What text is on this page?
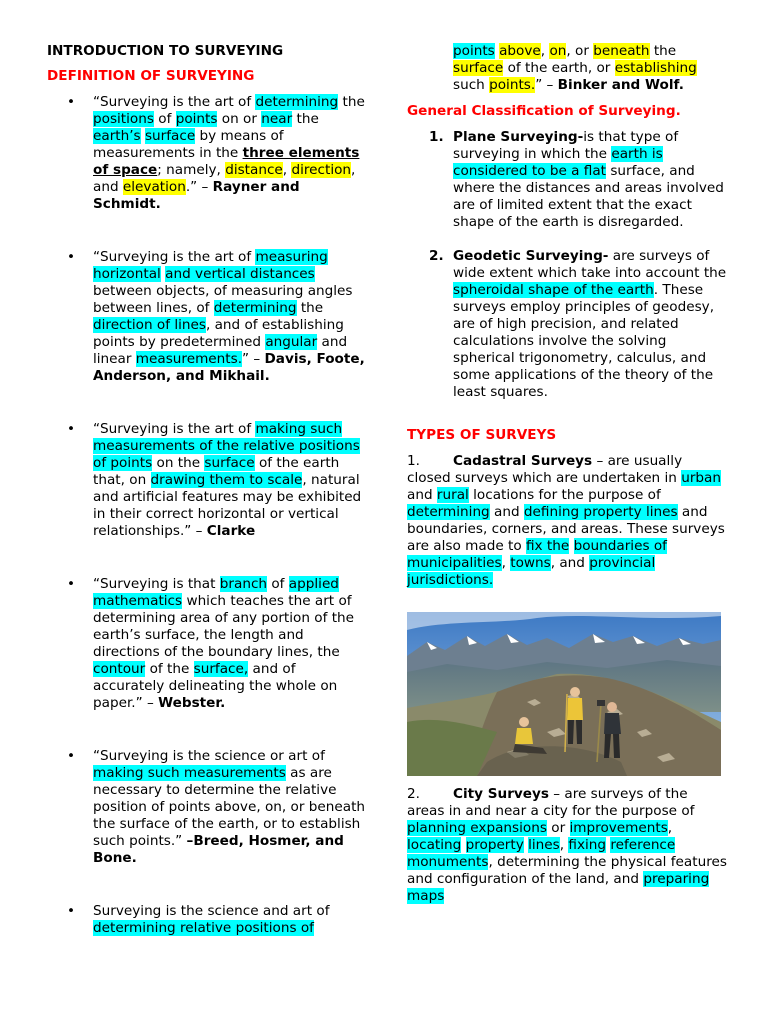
INTRODUCTION TO SURVEYING
DEFINITION OF SURVEYING
• “Surveying is the art of determining the positions of points on or near the earth’s surface by means of measurements in the three elements of space; namely, distance, direction, and elevation.” – Rayner and Schmidt.
• “Surveying is the art of measuring horizontal and vertical distances between objects, of measuring angles between lines, of determining the direction of lines, and of establishing points by predetermined angular and linear measurements.” – Davis, Foote, Anderson, and Mikhail.
• “Surveying is the art of making such measurements of the relative positions of points on the surface of the earth that, on drawing them to scale, natural and artificial features may be exhibited in their correct horizontal or vertical relationships.” – Clarke
• “Surveying is that branch of applied mathematics which teaches the art of determining area of any portion of the earth’s surface, the length and directions of the boundary lines, the contour of the surface, and of accurately delineating the whole on paper.” – Webster.
• “Surveying is the science or art of making such measurements as are necessary to determine the relative position of points above, on, or beneath the surface of the earth, or to establish such points.” –Breed, Hosmer, and Bone.
• Surveying is the science and art of determining relative positions of
points above, on, or beneath the surface of the earth, or establishing such points.” – Binker and Wolf.
General Classification of Surveying.
1. Plane Surveying-is that type of surveying in which the earth is considered to be a flat surface, and where the distances and areas involved are of limited extent that the exact shape of the earth is disregarded.
2. Geodetic Surveying- are surveys of wide extent which take into account the spheroidal shape of the earth. These surveys employ principles of geodesy, are of high precision, and related calculations involve the solving spherical trigonometry, calculus, and some applications of the theory of the least squares.
TYPES OF SURVEYS
1. Cadastral Surveys – are usually closed surveys which are undertaken in urban and rural locations for the purpose of determining and defining property lines and boundaries, corners, and areas. These surveys are also made to fix the boundaries of municipalities, towns, and provincial jurisdictions.
2. City Surveys – are surveys of the areas in and near a city for the purpose of planning expansions or improvements, locating property lines, fixing reference monuments, determining the physical features and configuration of the land, and preparing maps
